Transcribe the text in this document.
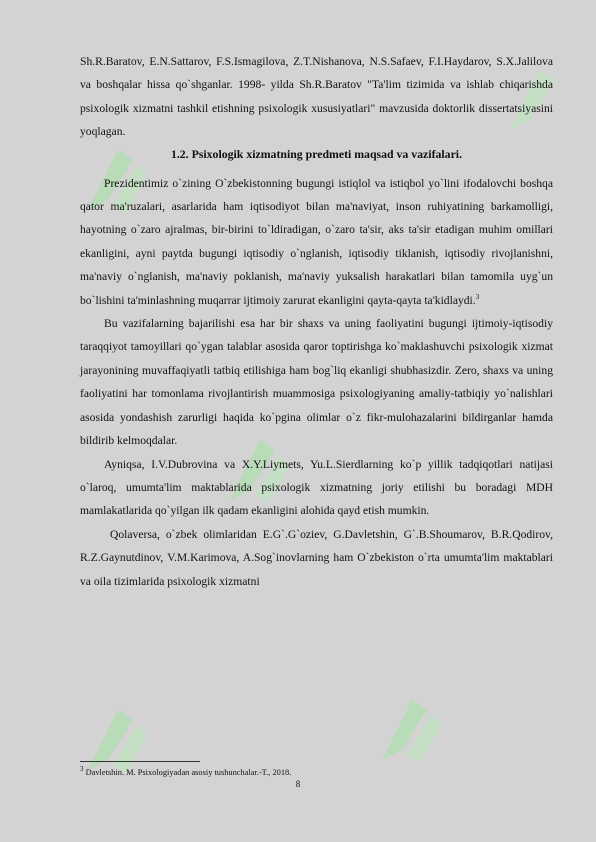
Sh.R.Baratov, E.N.Sattarov, F.S.Ismagilova, Z.T.Nishanova, N.S.Safaev, F.I.Haydarov, S.X.Jalilova va boshqalar hissa qo`shganlar. 1998- yilda Sh.R.Baratov "Ta'lim tizimida va ishlab chiqarishda psixologik xizmatni tashkil etishning psixologik xususiyatlari" mavzusida doktorlik dissertatsiyasini yoqlagan.

1.2. Psixologik xizmatning predmeti maqsad va vazifalari.

Prezidentimiz o`zining O`zbekistonning bugungi istiqlol va istiqbol yo`lini ifodalovchi boshqa qator ma'ruzalari, asarlarida ham iqtisodiyot bilan ma'naviyat, inson ruhiyatining barkamolligi, hayotning o`zaro ajralmas, bir-birini to`ldiradigan, o`zaro ta'sir, aks ta'sir etadigan muhim omillari ekanligini, ayni paytda bugungi iqtisodiy o`nglanish, iqtisodiy tiklanish, iqtisodiy rivojlanishni, ma'naviy o`nglanish, ma'naviy poklanish, ma'naviy yuksalish harakatlari bilan tamomila uyg`un bo`lishini ta'minlashning muqarrar ijtimoiy zarurat ekanligini qayta-qayta ta'kidlaydi.$^3$

Bu vazifalarning bajarilishi esa har bir shaxs va uning faoliyatini bugungi ijtimoiy-iqtisodiy taraqqiyot tamoyillari qo`ygan talablar asosida qaror toptirishga ko`maklashuvchi psixologik xizmat jarayonining muvaffaqiyatli tatbiq etilishiga ham bog`liq ekanligi shubhasizdir. Zero, shaxs va uning faoliyatini har tomonlama rivojlantirish muammosiga psixologiyaning amaliy-tatbiqiy yo`nalishlari asosida yondashish zarurligi haqida ko`pgina olimlar o`z fikr-mulohazalarini bildirganlar hamda bildirib kelmoqdalar.

Ayniqsa, I.V.Dubrovina va X.Y.Liymets, Yu.L.Sierdlarning ko`p yillik tadqiqotlari natijasi o`laroq, umumta'lim maktablarida psixologik xizmatning joriy etilishi bu boradagi MDH mamlakatlarida qo`yilgan ilk qadam ekanligini alohida qayd etish mumkin.

Qolaversa, o`zbek olimlaridan E.G`.G`oziev, G.Davletshin, G`.B.Shoumarov, B.R.Qodirov, R.Z.Gaynutdinov, V.M.Karimova, A.Sog`inovlarning ham O`zbekiston o`rta umumta'lim maktablari va oila tizimlarida psixologik xizmatni

$^3$ Davletshin. M. Psixologiyadan asosiy tushunchalar.-T., 2018.
8
